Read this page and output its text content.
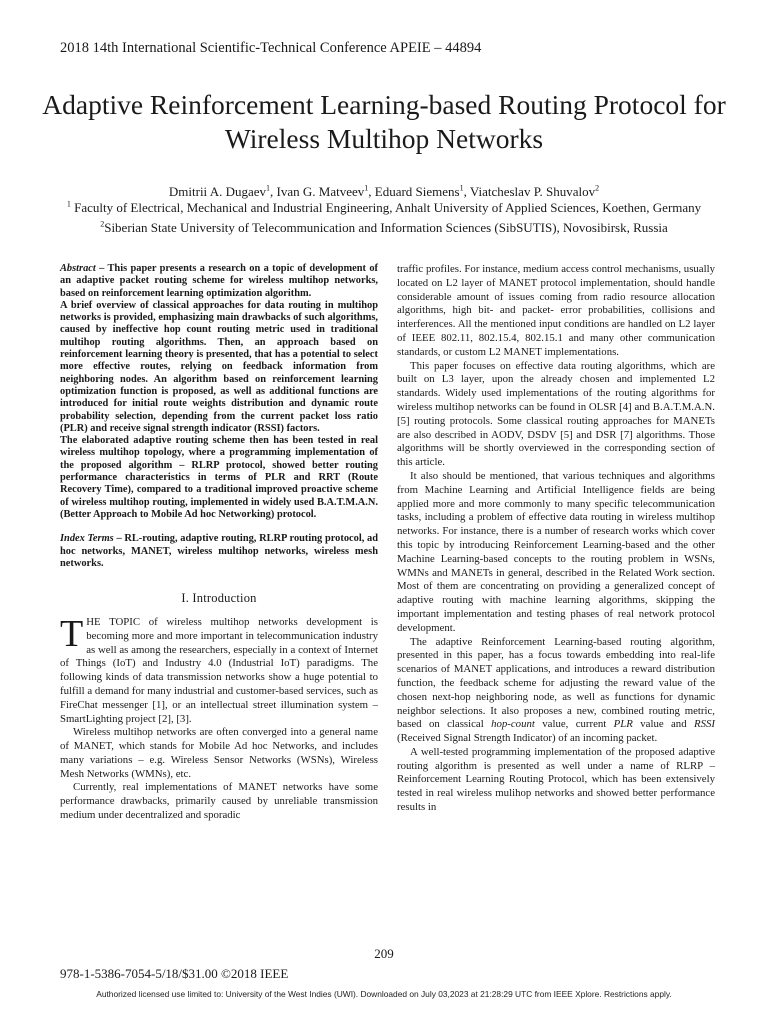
2018 14th International Scientific-Technical Conference APEIE – 44894
Adaptive Reinforcement Learning-based Routing Protocol for Wireless Multihop Networks
Dmitrii A. Dugaev$^1$, Ivan G. Matveev$^1$, Eduard Siemens$^1$, Viatcheslav P. Shuvalov$^2$
$^1$ Faculty of Electrical, Mechanical and Industrial Engineering, Anhalt University of Applied Sciences, Koethen, Germany
$^2$Siberian State University of Telecommunication and Information Sciences (SibSUTIS), Novosibirsk, Russia

Abstract – This paper presents a research on a topic of development of an adaptive packet routing scheme for wireless multihop networks, based on reinforcement learning optimization algorithm.

A brief overview of classical approaches for data routing in multihop networks is provided, emphasizing main drawbacks of such algorithms, caused by ineffective hop count routing metric used in traditional multihop routing algorithms. Then, an approach based on reinforcement learning theory is presented, that has a potential to select more effective routes, relying on feedback information from neighboring nodes. An algorithm based on reinforcement learning optimization function is proposed, as well as additional functions are introduced for initial route weights distribution and dynamic route probability selection, depending from the current packet loss ratio (PLR) and receive signal strength indicator (RSSI) factors.

The elaborated adaptive routing scheme then has been tested in real wireless multihop topology, where a programming implementation of the proposed algorithm – RLRP protocol, showed better routing performance characteristics in terms of PLR and RRT (Route Recovery Time), compared to a traditional improved proactive scheme of wireless multihop routing, implemented in widely used B.A.T.M.A.N. (Better Approach to Mobile Ad hoc Networking) protocol.

Index Terms – RL-routing, adaptive routing, RLRP routing protocol, ad hoc networks, MANET, wireless multihop networks, wireless mesh networks.

I. Introduction

THE TOPIC of wireless multihop networks development is becoming more and more important in telecommunication industry as well as among the researchers, especially in a context of Internet of Things (IoT) and Industry 4.0 (Industrial IoT) paradigms. The following kinds of data transmission networks show a huge potential to fulfill a demand for many industrial and customer-based services, such as FireChat messenger [1], or an intellectual street illumination system – SmartLighting project [2], [3].

Wireless multihop networks are often converged into a general name of MANET, which stands for Mobile Ad hoc Networks, and includes many variations – e.g. Wireless Sensor Networks (WSNs), Wireless Mesh Networks (WMNs), etc.

Currently, real implementations of MANET networks have some performance drawbacks, primarily caused by unreliable transmission medium under decentralized and sporadic

traffic profiles. For instance, medium access control mechanisms, usually located on L2 layer of MANET protocol implementation, should handle considerable amount of issues coming from radio resource allocation algorithms, high bit- and packet- error probabilities, collisions and interferences. All the mentioned input conditions are handled on L2 layer of IEEE 802.11, 802.15.4, 802.15.1 and many other communication standards, or custom L2 MANET implementations.

This paper focuses on effective data routing algorithms, which are built on L3 layer, upon the already chosen and implemented L2 standards. Widely used implementations of the routing algorithms for wireless multihop networks can be found in OLSR [4] and B.A.T.M.A.N. [5] routing protocols. Some classical routing approaches for MANETs are also described in AODV, DSDV [5] and DSR [7] algorithms. Those algorithms will be shortly overviewed in the corresponding section of this article.

It also should be mentioned, that various techniques and algorithms from Machine Learning and Artificial Intelligence fields are being applied more and more commonly to many specific telecommunication tasks, including a problem of effective data routing in wireless multihop networks. For instance, there is a number of research works which cover this topic by introducing Reinforcement Learning-based and the other Machine Learning-based concepts to the routing problem in WSNs, WMNs and MANETs in general, described in the Related Work section. Most of them are concentrating on providing a generalized concept of adaptive routing with machine learning algorithms, skipping the important implementation and testing phases of real network protocol development.

The adaptive Reinforcement Learning-based routing algorithm, presented in this paper, has a focus towards embedding into real-life scenarios of MANET applications, and introduces a reward distribution function, the feedback scheme for adjusting the reward value of the chosen next-hop neighboring node, as well as functions for dynamic neighbor selections. It also proposes a new, combined routing metric, based on classical hop-count value, current PLR value and RSSI (Received Signal Strength Indicator) of an incoming packet.

A well-tested programming implementation of the proposed adaptive routing algorithm is presented as well under a name of RLRP – Reinforcement Learning Routing Protocol, which has been extensively tested in real wireless mulihop networks and showed better performance results in

209
978-1-5386-7054-5/18/$31.00 ©2018 IEEE
Authorized licensed use limited to: University of the West Indies (UWI). Downloaded on July 03,2023 at 21:28:29 UTC from IEEE Xplore. Restrictions apply.
